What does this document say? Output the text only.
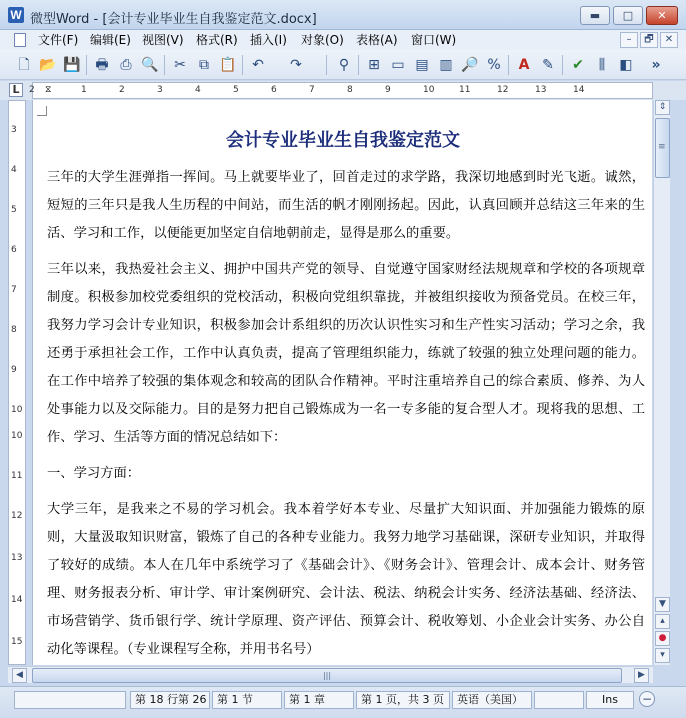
W 微型Word - [会计专业毕业生自我鉴定范文.docx]	▬	□	✕
文件(F) 编辑(E) 视图(V) 格式(R) 插入(I) 对象(O) 表格(A) 窗口(W)	–	🗗	✕
🗋 📂 💾 🖶 ⎙ 🔍 ✂ ⧉ 📋 ↶ ↷	⚲	⊞ ▭ ▤ ▥ 🔎 %	A ✎ ✔	⫼	◧	»
L	2	1	2	3	4	5	6	7	8	9	10	11	12	13	14
⧖
3
4
5
6
7
8
9
10
10
11
12
13
14
15
会计专业毕业生自我鉴定范文
三年的大学生涯弹指一挥间。马上就要毕业了，回首走过的求学路，我深切地感到时光飞逝。诚然，短短的三年只是我人生历程的中间站，而生活的帆才刚刚扬起。因此，认真回顾并总结这三年来的生活、学习和工作，以便能更加坚定自信地朝前走，显得是那么的重要。
三年以来，我热爱社会主义、拥护中国共产党的领导、自觉遵守国家财经法规规章和学校的各项规章制度。积极参加校党委组织的党校活动，积极向党组织靠拢，并被组织接收为预备党员。在校三年，我努力学习会计专业知识，积极参加会计系组织的历次认识性实习和生产性实习活动；学习之余，我还勇于承担社会工作，工作中认真负责，提高了管理组织能力，练就了较强的独立处理问题的能力。在工作中培养了较强的集体观念和较高的团队合作精神。平时注重培养自己的综合素质、修养、为人处事能力以及交际能力。目的是努力把自己锻炼成为一名一专多能的复合型人才。现将我的思想、工作、学习、生活等方面的情况总结如下：
一、学习方面：
大学三年，是我来之不易的学习机会。我本着学好本专业、尽量扩大知识面、并加强能力锻炼的原则，大量汲取知识财富，锻炼了自己的各种专业能力。我努力地学习基础课，深研专业知识，并取得了较好的成绩。本人在几年中系统学习了《基础会计》、《财务会计》、管理会计、成本会计、财务管理、财务报表分析、审计学、审计案例研究、会计法、税法、纳税会计实务、经济法基础、经济法、市场营销学、货币银行学、统计学原理、资产评估、预算会计、税收筹划、小企业会计实务、办公自动化等课程。（专业课程写全称，并用书名号）
⇕
≡
▼
▴
●
▾
◀	|||	▶
第 18 行第 26 第 1 节	第 1 章	第 1 页，共 3 页	英语（美国）	Ins	−
